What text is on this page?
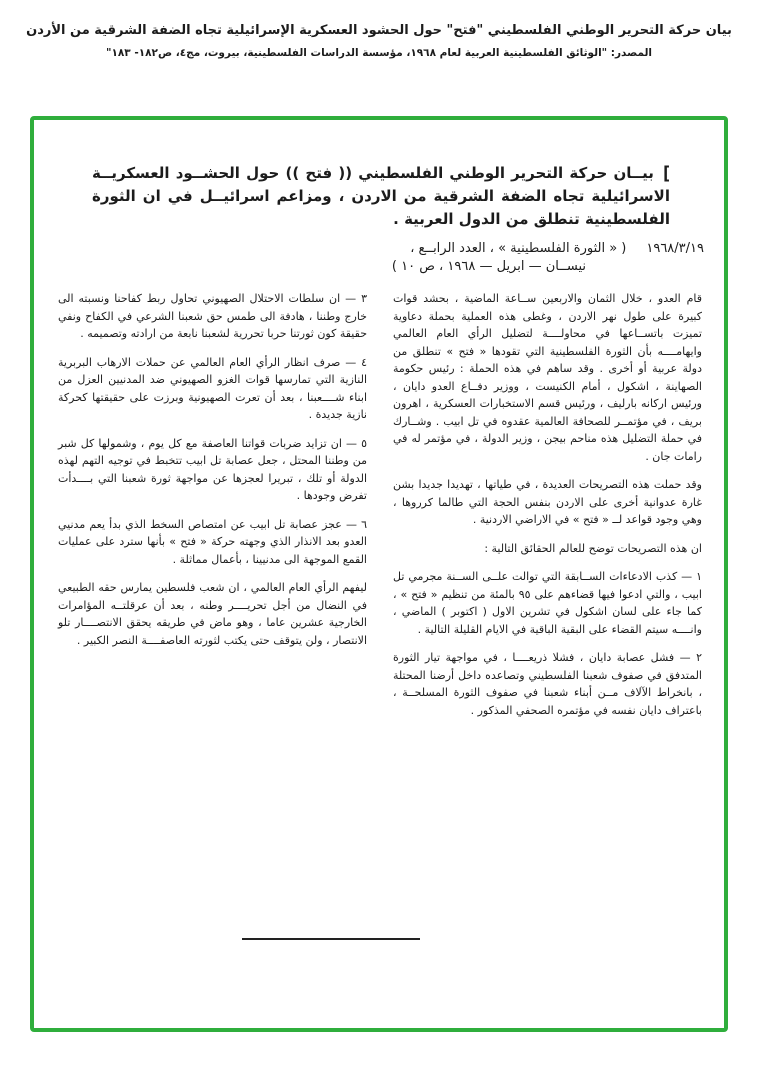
بيان حركة التحرير الوطني الفلسطيني "فتح" حول الحشود العسكرية الإسرائيلية تجاه الضفة الشرقية من الأردن
المصدر: "الوثائق الفلسطينية العربية لعام ١٩٦٨، مؤسسة الدراسات الفلسطينية، بيروت، مج٤، ص١٨٢- ١٨٣"
[ بيــان حركة التحرير الوطني الفلسطيني (( فتح )) حول الحشــود العسكريــة الاسرائيلية تجاه الضفة الشرقية من الاردن ، ومزاعم اسرائيــل في ان الثورة الفلسطينية تنطلق من الدول العربية .
١٩٦٨/٣/١٩
( « الثورة الفلسطينية » ، العدد الرابــع ،
نيســان — ابريل — ١٩٦٨ ، ص ١٠ )
قام العدو ، خلال الثمان والاربعين ســاعة الماضية ، بحشد قوات كبيرة على طول نهر الاردن ، وغطى هذه العملية بحملة دعاوية تميزت باتســاعها في محاولــــة لتضليل الرأي العام العالمي وايهامــــه بأن الثورة الفلسطينية التي تقودها « فتح » تنطلق من دولة عربية أو أخرى . وقد ساهم في هذه الحملة : رئيس حكومة الصهاينة ، اشكول ، أمام الكنيست ، ووزير دفــاع العدو دايان ، ورئيس اركانه بارليف ، ورئيس قسم الاستخبارات العسكرية ، اهرون بريف ، في مؤتمــر للصحافة العالمية عقدوه في تل ابيب . وشــارك في حملة التضليل هذه مناحم بيجن ، وزير الدولة ، في مؤتمر له في رامات جان .
وقد حملت هذه التصريحات العديدة ، في طياتها ، تهديدا جديدا بشن غارة عدوانية أخرى على الاردن بنفس الحجة التي طالما كرروها ، وهي وجود قواعد لــ « فتح » في الاراضي الاردنية .
ان هذه التصريحات توضح للعالم الحقائق التالية :
١ — كذب الادعاءات الســابقة التي توالت علــى الســنة مجرمي تل ابيب ، والتي ادعوا فيها قضاءهم على ٩٥ بالمئة من تنظيم « فتح » ، كما جاء على لسان اشكول في تشرين الاول ( اكتوبر ) الماضي ، وانــــه سيتم القضاء على البقية الباقية في الايام القليلة التالية .
٢ — فشل عصابة دايان ، فشلا ذريعــــا ، في مواجهة تيار الثورة المتدفق في صفوف شعبنا الفلسطيني وتصاعده داخل أرضنا المحتلة ، بانخراط الآلاف مــن أبناء شعبنا في صفوف الثورة المسلحــة ، باعتراف دايان نفسه في مؤتمره الصحفي المذكور .
٣ — ان سلطات الاحتلال الصهيوني تحاول ربط كفاحنا ونسبته الى خارج وطننا ، هادفة الى طمس حق شعبنا الشرعي في الكفاح ونفي حقيقة كون ثورتنا حربا تحررية لشعبنا نابعة من ارادته وتصميمه .
٤ — صرف انظار الرأي العام العالمي عن حملات الارهاب البربرية النازية التي تمارسها قوات الغزو الصهيوني ضد المدنيين العزل من ابناء شــــعبنا ، بعد أن تعرت الصهيونية وبرزت على حقيقتها كحركة نازية جديدة .
٥ — ان تزايد ضربات قواتنا العاصفة مع كل يوم ، وشمولها كل شبر من وطننا المحتل ، جعل عصابة تل ابيب تتخبط في توجيه التهم لهذه الدولة أو تلك ، تبريرا لعجزها عن مواجهة ثورة شعبنا التي بــــدأت تفرض وجودها .
٦ — عجز عصابة تل ابيب عن امتصاص السخط الذي بدأ يعم مدنيي العدو بعد الانذار الذي وجهته حركة « فتح » بأنها سترد على عمليات القمع الموجهة الى مدنيينا ، بأعمال مماثلة .
ليفهم الرأي العام العالمي ، ان شعب فلسطين يمارس حقه الطبيعي في النضال من أجل تحريــــر وطنه ، بعد أن عرقلتــه المؤامرات الخارجية عشرين عاما ، وهو ماض في طريقه يحقق الانتصــــار تلو الانتصار ، ولن يتوقف حتى يكتب لثورته العاصفــــة النصر الكبير .
